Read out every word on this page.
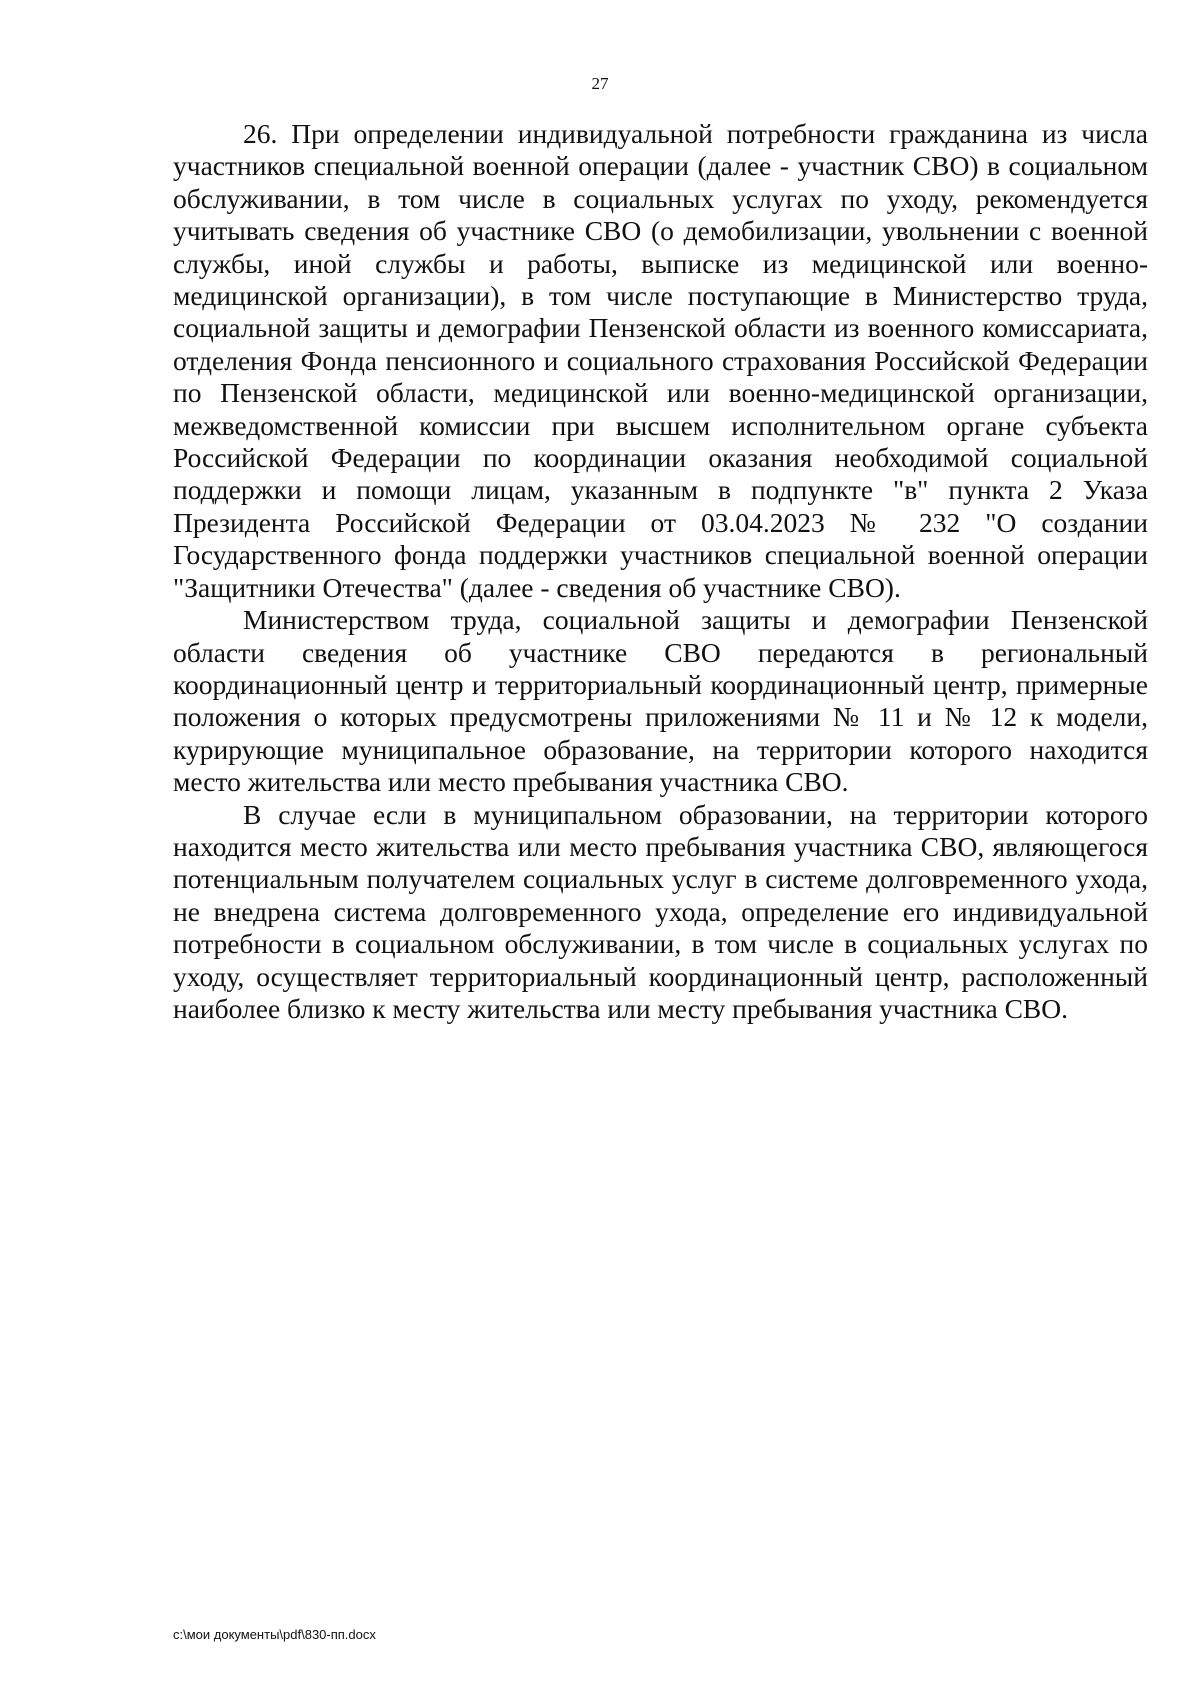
27

26. При определении индивидуальной потребности гражданина из числа участников специальной военной операции (далее - участник СВО) в социальном обслуживании, в том числе в социальных услугах по уходу, рекомендуется учитывать сведения об участнике СВО (о демобилизации, увольнении с военной службы, иной службы и работы, выписке из медицинской или военно-медицинской организации), в том числе поступающие в Министерство труда, социальной защиты и демографии Пензенской области из военного комиссариата, отделения Фонда пенсионного и социального страхования Российской Федерации по Пензенской области, медицинской или военно-медицинской организации, межведомственной комиссии при высшем исполнительном органе субъекта Российской Федерации по координации оказания необходимой социальной поддержки и помощи лицам, указанным в подпункте "в" пункта 2 Указа Президента Российской Федерации от 03.04.2023 № 232 "О создании Государственного фонда поддержки участников специальной военной операции "Защитники Отечества" (далее - сведения об участнике СВО).

Министерством труда, социальной защиты и демографии Пензенской области сведения об участнике СВО передаются в региональный координационный центр и территориальный координационный центр, примерные положения о которых предусмотрены приложениями № 11 и № 12 к модели, курирующие муниципальное образование, на территории которого находится место жительства или место пребывания участника СВО.

В случае если в муниципальном образовании, на территории которого находится место жительства или место пребывания участника СВО, являющегося потенциальным получателем социальных услуг в системе долговременного ухода, не внедрена система долговременного ухода, определение его индивидуальной потребности в социальном обслуживании, в том числе в социальных услугах по уходу, осуществляет территориальный координационный центр, расположенный наиболее близко к месту жительства или месту пребывания участника СВО.

c:\мои документы\pdf\830-пп.docx
